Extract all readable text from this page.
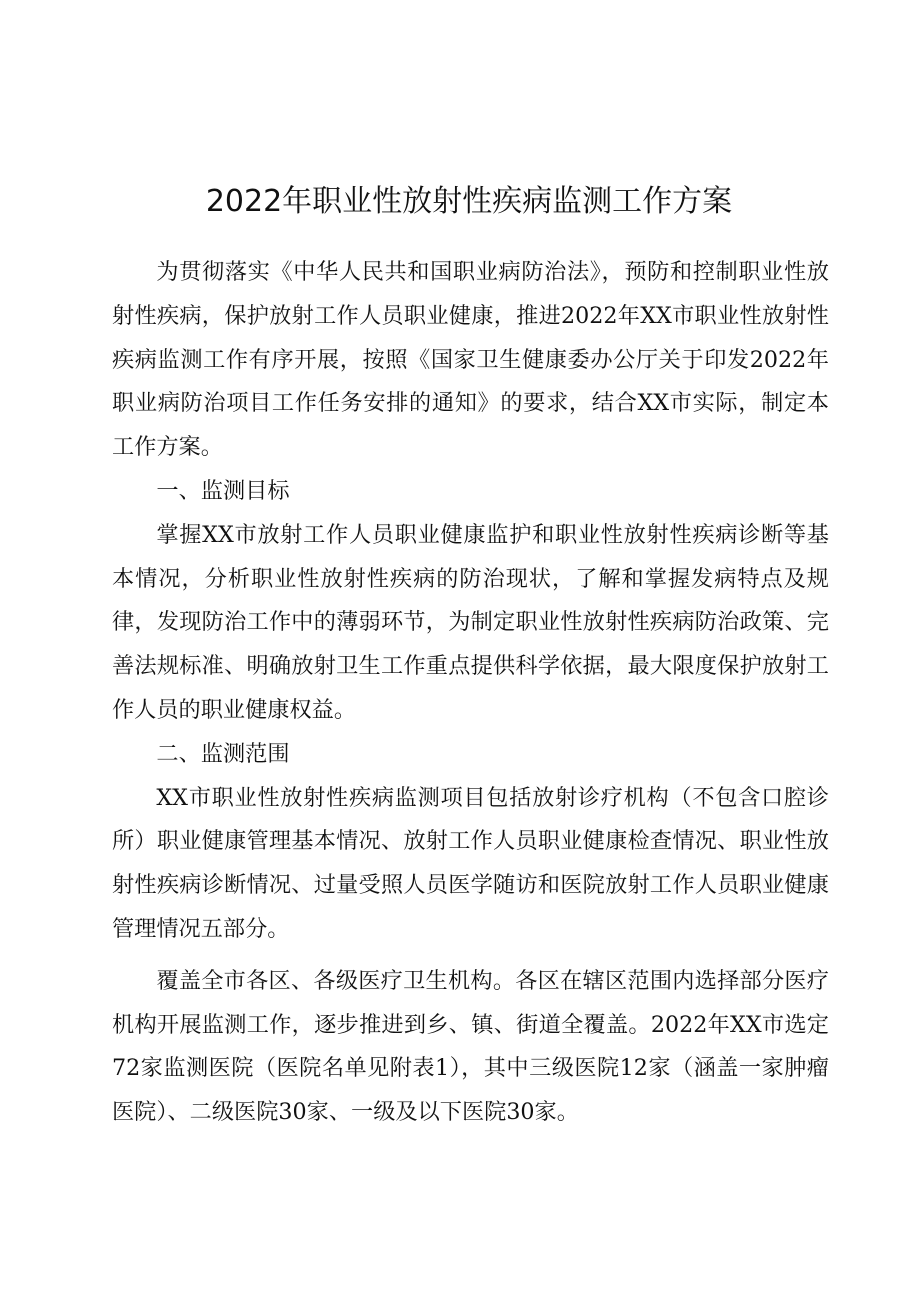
2022年职业性放射性疾病监测工作方案

为贯彻落实《中华人民共和国职业病防治法》，预防和控制职业性放射性疾病，保护放射工作人员职业健康，推进2022年XX市职业性放射性疾病监测工作有序开展，按照《国家卫生健康委办公厅关于印发2022年职业病防治项目工作任务安排的通知》的要求，结合XX市实际，制定本工作方案。

一、监测目标

掌握XX市放射工作人员职业健康监护和职业性放射性疾病诊断等基本情况，分析职业性放射性疾病的防治现状，了解和掌握发病特点及规律，发现防治工作中的薄弱环节，为制定职业性放射性疾病防治政策、完善法规标准、明确放射卫生工作重点提供科学依据，最大限度保护放射工作人员的职业健康权益。

二、监测范围

XX市职业性放射性疾病监测项目包括放射诊疗机构（不包含口腔诊所）职业健康管理基本情况、放射工作人员职业健康检查情况、职业性放射性疾病诊断情况、过量受照人员医学随访和医院放射工作人员职业健康管理情况五部分。

覆盖全市各区、各级医疗卫生机构。各区在辖区范围内选择部分医疗机构开展监测工作，逐步推进到乡、镇、街道全覆盖。2022年XX市选定72家监测医院（医院名单见附表1），其中三级医院12家（涵盖一家肿瘤医院）、二级医院30家、一级及以下医院30家。
